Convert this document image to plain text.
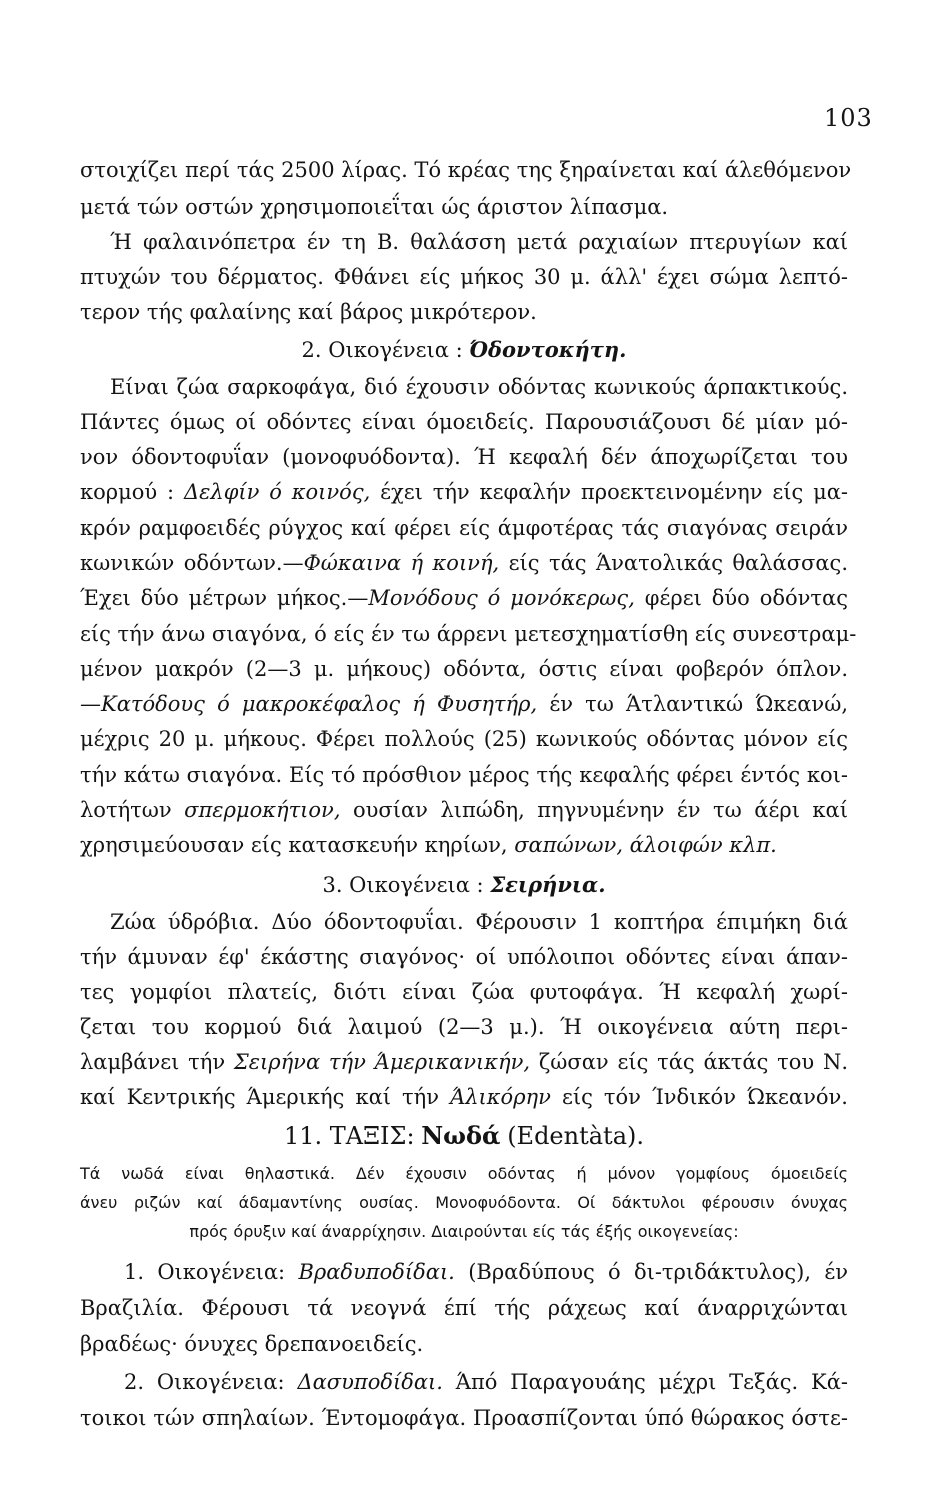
103
στοιχίζει περί τάς 2500 λίρας. Τό κρέας της ξηραίνεται καί άλεθόμενον
μετά τών οστών χρησιμοποιεΐται ώς άριστον λίπασμα.
Ή φαλαινόπετρα έν τη Β. θαλάσση μετά ραχιαίων πτερυγίων καί
πτυχών του δέρματος. Φθάνει είς μήκος 30 μ. άλλ' έχει σώμα λεπτό-
τερον τής φαλαίνης καί βάρος μικρότερον.
2. Οικογένεια : Όδοντοκήτη.
Είναι ζώα σαρκοφάγα, διό έχουσιν οδόντας κωνικούς άρπακτικούς.
Πάντες όμως οί οδόντες είναι όμοειδείς. Παρουσιάζουσι δέ μίαν μό-
νον όδοντοφυΐαν (μονοφυόδοντα). Ή κεφαλή δέν άποχωρίζεται του
κορμού : Δελφίν ό κοινός, έχει τήν κεφαλήν προεκτεινομένην είς μα-
κρόν ραμφοειδές ρύγχος καί φέρει είς άμφοτέρας τάς σιαγόνας σειράν
κωνικών οδόντων.—Φώκαινα ή κοινή, είς τάς Άνατολικάς θαλάσσας.
Έχει δύο μέτρων μήκος.—Μονόδους ό μονόκερως, φέρει δύο οδόντας
είς τήν άνω σιαγόνα, ό είς έν τω άρρενι μετεσχηματίσθη είς συνεστραμ-
μένον μακρόν (2—3 μ. μήκους) οδόντα, όστις είναι φοβερόν όπλον.
—Κατόδους ό μακροκέφαλος ή Φυσητήρ, έν τω Άτλαντικώ Ώκεανώ,
μέχρις 20 μ. μήκους. Φέρει πολλούς (25) κωνικούς οδόντας μόνον είς
τήν κάτω σιαγόνα. Είς τό πρόσθιον μέρος τής κεφαλής φέρει έντός κοι-
λοτήτων σπερμοκήτιον, ουσίαν λιπώδη, πηγνυμένην έν τω άέρι καί
χρησιμεύουσαν είς κατασκευήν κηρίων, σαπώνων, άλοιφών κλπ.
3. Οικογένεια : Σειρήνια.
Ζώα ύδρόβια. Δύο όδοντοφυΐαι. Φέρουσιν 1 κοπτήρα έπιμήκη διά
τήν άμυναν έφ' έκάστης σιαγόνος· οί υπόλοιποι οδόντες είναι άπαν-
τες γομφίοι πλατείς, διότι είναι ζώα φυτοφάγα. Ή κεφαλή χωρί-
ζεται του κορμού διά λαιμού (2—3 μ.). Ή οικογένεια αύτη περι-
λαμβάνει τήν Σειρήνα τήν Άμερικανικήν, ζώσαν είς τάς άκτάς του Ν.
καί Κεντρικής Άμερικής καί τήν Άλικόρην είς τόν Ίνδικόν Ώκεανόν.
11. ΤΑΞΙΣ: Νωδά (Edentàta).
Τά νωδά είναι θηλαστικά. Δέν έχουσιν οδόντας ή μόνον γομφίους όμοειδείς
άνευ ριζών καί άδαμαντίνης ουσίας. Μονοφυόδοντα. Οί δάκτυλοι φέρουσιν όνυχας
πρός όρυξιν καί άναρρίχησιν. Διαιρούνται είς τάς έξής οικογενείας:
1. Οικογένεια: Βραδυποδίδαι. (Βραδύπους ό δι-τριδάκτυλος), έν
Βραζιλία. Φέρουσι τά νεογνά έπί τής ράχεως καί άναρριχώνται
βραδέως· όνυχες δρεπανοειδείς.
2. Οικογένεια: Δασυποδίδαι. Άπό Παραγουάης μέχρι Τεξάς. Κά-
τοικοι τών σπηλαίων. Έντομοφάγα. Προασπίζονται ύπό θώρακος όστε-
